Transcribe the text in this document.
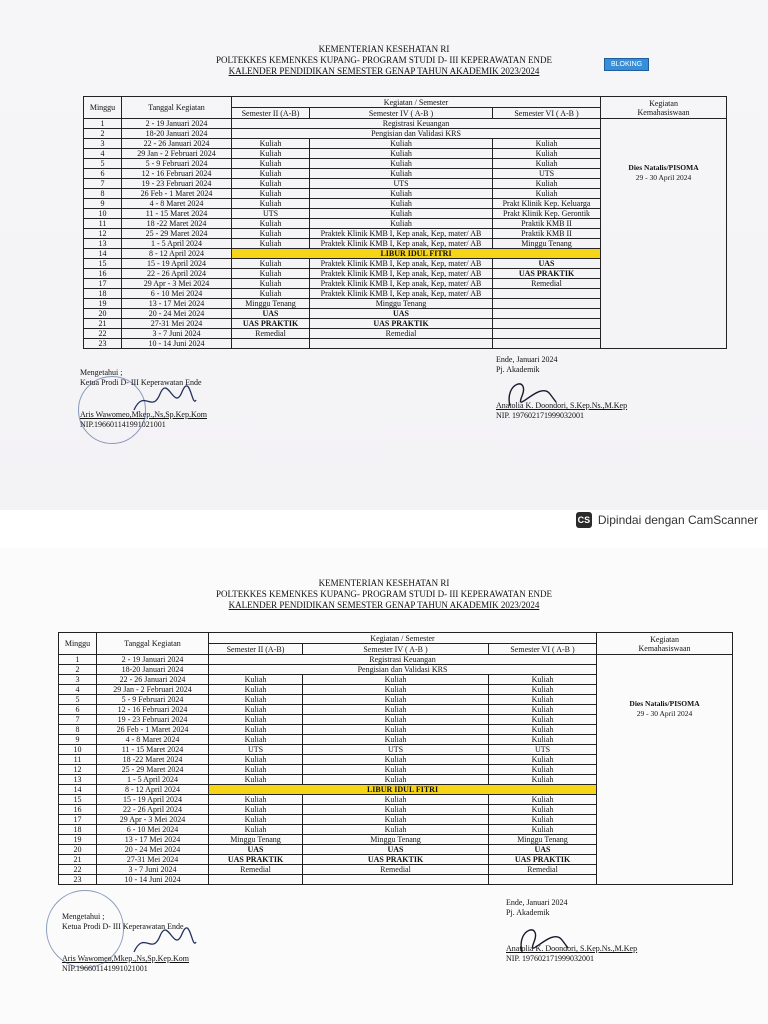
KEMENTERIAN KESEHATAN RI
POLTEKKES KEMENKES KUPANG- PROGRAM STUDI D- III KEPERAWATAN ENDE
KALENDER PENDIDIKAN SEMESTER GENAP TAHUN AKADEMIK 2023/2024
BLOKING
Minggu	Tanggal Kegiatan	Kegiatan / Semester			Kegiatan
Kemahasiswaan
		Semester II (A-B)	Semester IV ( A-B )	Semester VI ( A-B )	
1	2 - 19 Januari 2024	Registrasi Keuangan			Dies Natalis/PISOMA
29 - 30 April 2024

2	18-20 Januari 2024	Pengisian dan Validasi KRS			
3	22 - 26 Januari 2024	Kuliah	Kuliah	Kuliah	
4	29 Jan - 2 Februari 2024	Kuliah	Kuliah	Kuliah	
5	5 - 9 Februari 2024	Kuliah	Kuliah	Kuliah	
6	12 - 16 Februari 2024	Kuliah	Kuliah	UTS	
7	19 - 23 Februari 2024	Kuliah	UTS	Kuliah	
8	26 Feb - 1 Maret 2024	Kuliah	Kuliah	Kuliah	
9	4 - 8 Maret 2024	Kuliah	Kuliah	Prakt Klinik Kep. Keluarga	
10	11 - 15 Maret 2024	UTS	Kuliah	Prakt Klinik Kep. Gerontik	
11	18 -22 Maret 2024	Kuliah	Kuliah	Praktik KMB II	
12	25 - 29 Maret 2024	Kuliah	Praktek Klinik KMB I, Kep anak, Kep, mater/ AB	Praktik KMB II	
13	1 - 5 April 2024	Kuliah	Praktek Klinik KMB I, Kep anak, Kep, mater/ AB	Minggu Tenang	
14	8 - 12 April 2024	LIBUR IDUL FITRI			
15	15 - 19 April 2024	Kuliah	Praktek Klinik KMB I, Kep anak, Kep, mater/ AB	UAS	
16	22 - 26 April 2024	Kuliah	Praktek Klinik KMB I, Kep anak, Kep, mater/ AB	UAS PRAKTIK	
17	29 Apr - 3 Mei 2024	Kuliah	Praktek Klinik KMB I, Kep anak, Kep, mater/ AB	Remedial	
18	6 - 10 Mei 2024	Kuliah	Praktek Klinik KMB I, Kep anak, Kep, mater/ AB		
19	13 - 17 Mei 2024	Minggu Tenang	Minggu Tenang		
20	20 - 24 Mei 2024	UAS	UAS		
21	27-31 Mei 2024	UAS PRAKTIK	UAS PRAKTIK		
22	3 - 7 Juni 2024	Remedial	Remedial		
23	10 - 14 Juni 2024				
Mengetahui ;
Ketua Prodi D- III Keperawatan Ende
Aris Wawomeo,Mkep.,Ns,Sp.Kep.Kom
NIP.196601141991021001
Ende, Januari 2024
Pj. Akademik
Anatolia K. Doondori, S.Kep.Ns.,M.Kep
NIP. 197602171999032001
CS Dipindai dengan CamScanner
KEMENTERIAN KESEHATAN RI
POLTEKKES KEMENKES KUPANG- PROGRAM STUDI D- III KEPERAWATAN ENDE
KALENDER PENDIDIKAN SEMESTER GENAP TAHUN AKADEMIK 2023/2024
Minggu	Tanggal Kegiatan	Kegiatan / Semester			Kegiatan
Kemahasiswaan
		Semester II (A-B)	Semester IV ( A-B )	Semester VI ( A-B )	
1	2 - 19 Januari 2024	Registrasi Keuangan			Dies Natalis/PISOMA
29 - 30 April 2024

2	18-20 Januari 2024	Pengisian dan Validasi KRS			
3	22 - 26 Januari 2024	Kuliah	Kuliah	Kuliah	
4	29 Jan - 2 Februari 2024	Kuliah	Kuliah	Kuliah	
5	5 - 9 Februari 2024	Kuliah	Kuliah	Kuliah	
6	12 - 16 Februari 2024	Kuliah	Kuliah	Kuliah	
7	19 - 23 Februari 2024	Kuliah	Kuliah	Kuliah	
8	26 Feb - 1 Maret 2024	Kuliah	Kuliah	Kuliah	
9	4 - 8 Maret 2024	Kuliah	Kuliah	Kuliah	
10	11 - 15 Maret 2024	UTS	UTS	UTS	
11	18 -22 Maret 2024	Kuliah	Kuliah	Kuliah	
12	25 - 29 Maret 2024	Kuliah	Kuliah	Kuliah	
13	1 - 5 April 2024	Kuliah	Kuliah	Kuliah	
14	8 - 12 April 2024	LIBUR IDUL FITRI			
15	15 - 19 April 2024	Kuliah	Kuliah	Kuliah	
16	22 - 26 April 2024	Kuliah	Kuliah	Kuliah	
17	29 Apr - 3 Mei 2024	Kuliah	Kuliah	Kuliah	
18	6 - 10 Mei 2024	Kuliah	Kuliah	Kuliah	
19	13 - 17 Mei 2024	Minggu Tenang	Minggu Tenang	Minggu Tenang	
20	20 - 24 Mei 2024	UAS	UAS	UAS	
21	27-31 Mei 2024	UAS PRAKTIK	UAS PRAKTIK	UAS PRAKTIK	
22	3 - 7 Juni 2024	Remedial	Remedial	Remedial	
23	10 - 14 Juni 2024				
Mengetahui ;
Ketua Prodi D- III Keperawatan Ende
Aris Wawomeo,Mkep.,Ns,Sp.Kep.Kom
NIP.196601141991021001
Ende, Januari 2024
Pj. Akademik
Anatolia K. Doondori, S.Kep.Ns.,M.Kep
NIP. 197602171999032001
